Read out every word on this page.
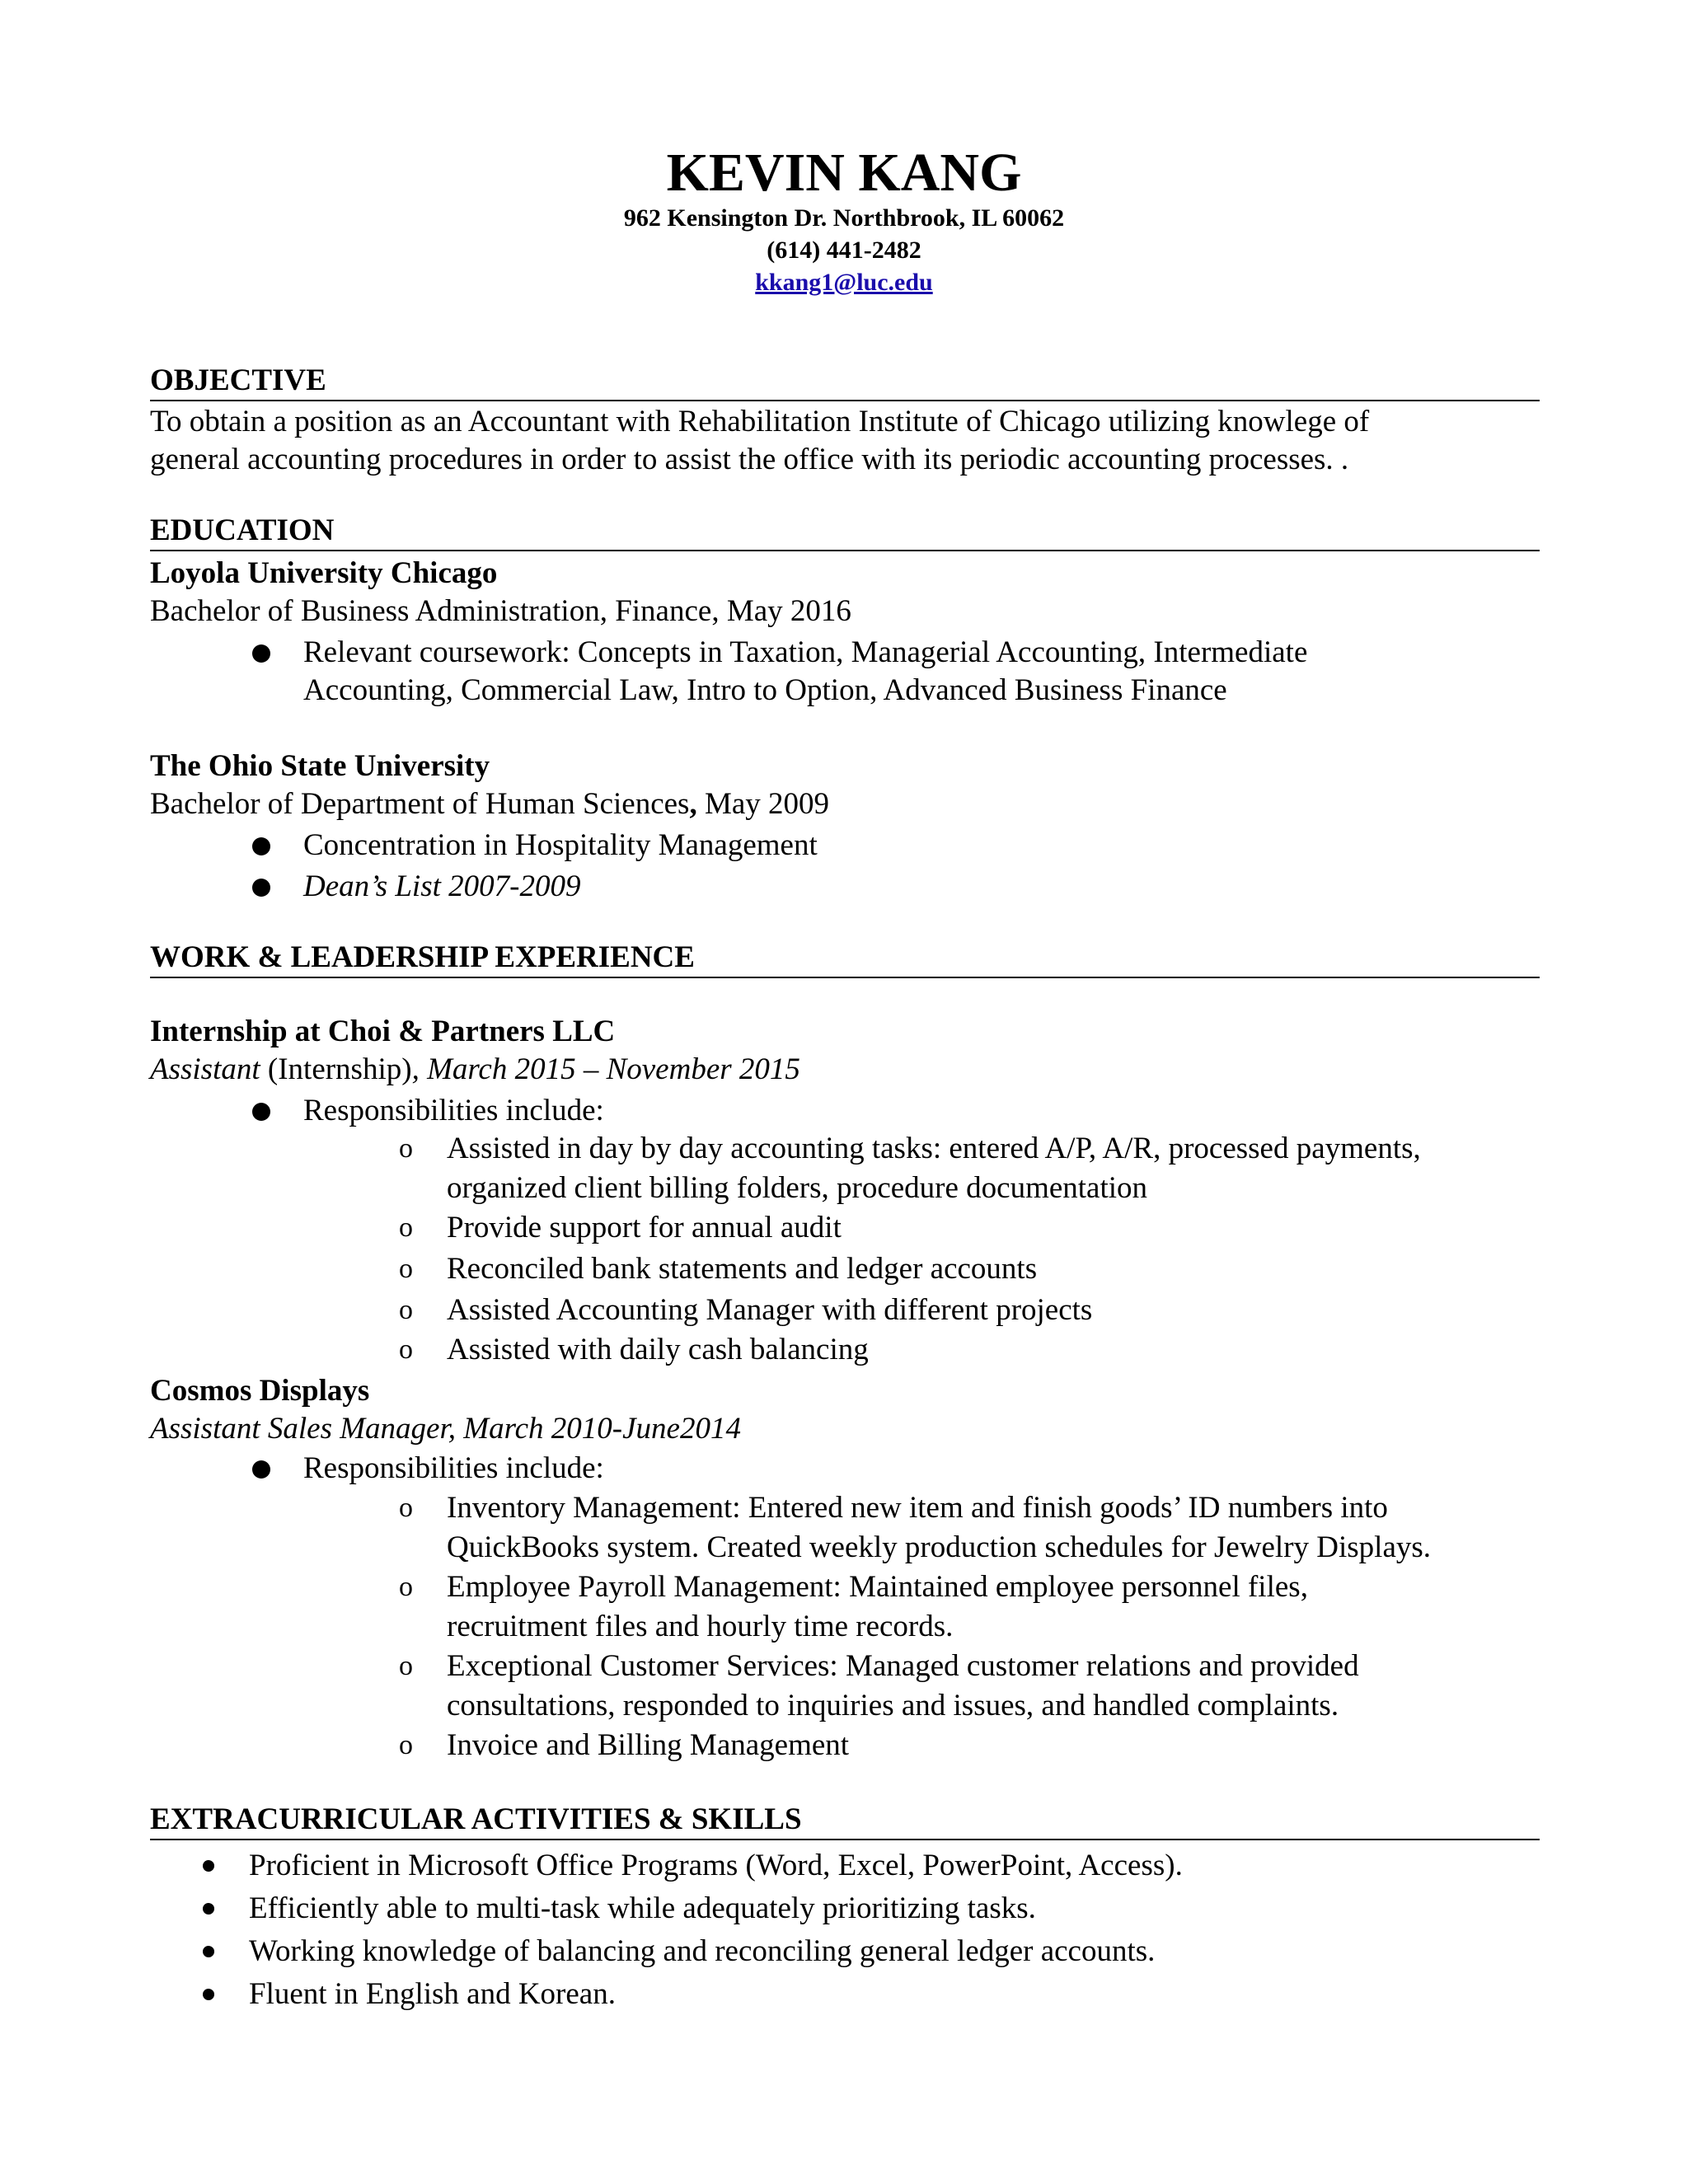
KEVIN KANG
962 Kensington Dr. Northbrook, IL 60062
(614) 441-2482
kkang1@luc.edu
OBJECTIVE
To obtain a position as an Accountant with Rehabilitation Institute of Chicago utilizing knowlege of
general accounting procedures in order to assist the office with its periodic accounting processes. .
EDUCATION
Loyola University Chicago
Bachelor of Business Administration, Finance, May 2016
Relevant coursework: Concepts in Taxation, Managerial Accounting, Intermediate
Accounting, Commercial Law, Intro to Option, Advanced Business Finance
The Ohio State University
Bachelor of Department of Human Sciences, May 2009
Concentration in Hospitality Management
Dean’s List 2007-2009
WORK & LEADERSHIP EXPERIENCE
Internship at Choi & Partners LLC
Assistant (Internship), March 2015 – November 2015
Responsibilities include:
o Assisted in day by day accounting tasks: entered A/P, A/R, processed payments,
organized client billing folders, procedure documentation
o Provide support for annual audit
o Reconciled bank statements and ledger accounts
o Assisted Accounting Manager with different projects
o Assisted with daily cash balancing
Cosmos Displays
Assistant Sales Manager, March 2010-June2014
Responsibilities include:
o Inventory Management: Entered new item and finish goods’ ID numbers into
QuickBooks system. Created weekly production schedules for Jewelry Displays.
o Employee Payroll Management: Maintained employee personnel files,
recruitment files and hourly time records.
o Exceptional Customer Services: Managed customer relations and provided
consultations, responded to inquiries and issues, and handled complaints.
o Invoice and Billing Management
EXTRACURRICULAR ACTIVITIES & SKILLS
Proficient in Microsoft Office Programs (Word, Excel, PowerPoint, Access).
Efficiently able to multi-task while adequately prioritizing tasks.
Working knowledge of balancing and reconciling general ledger accounts.
Fluent in English and Korean.
